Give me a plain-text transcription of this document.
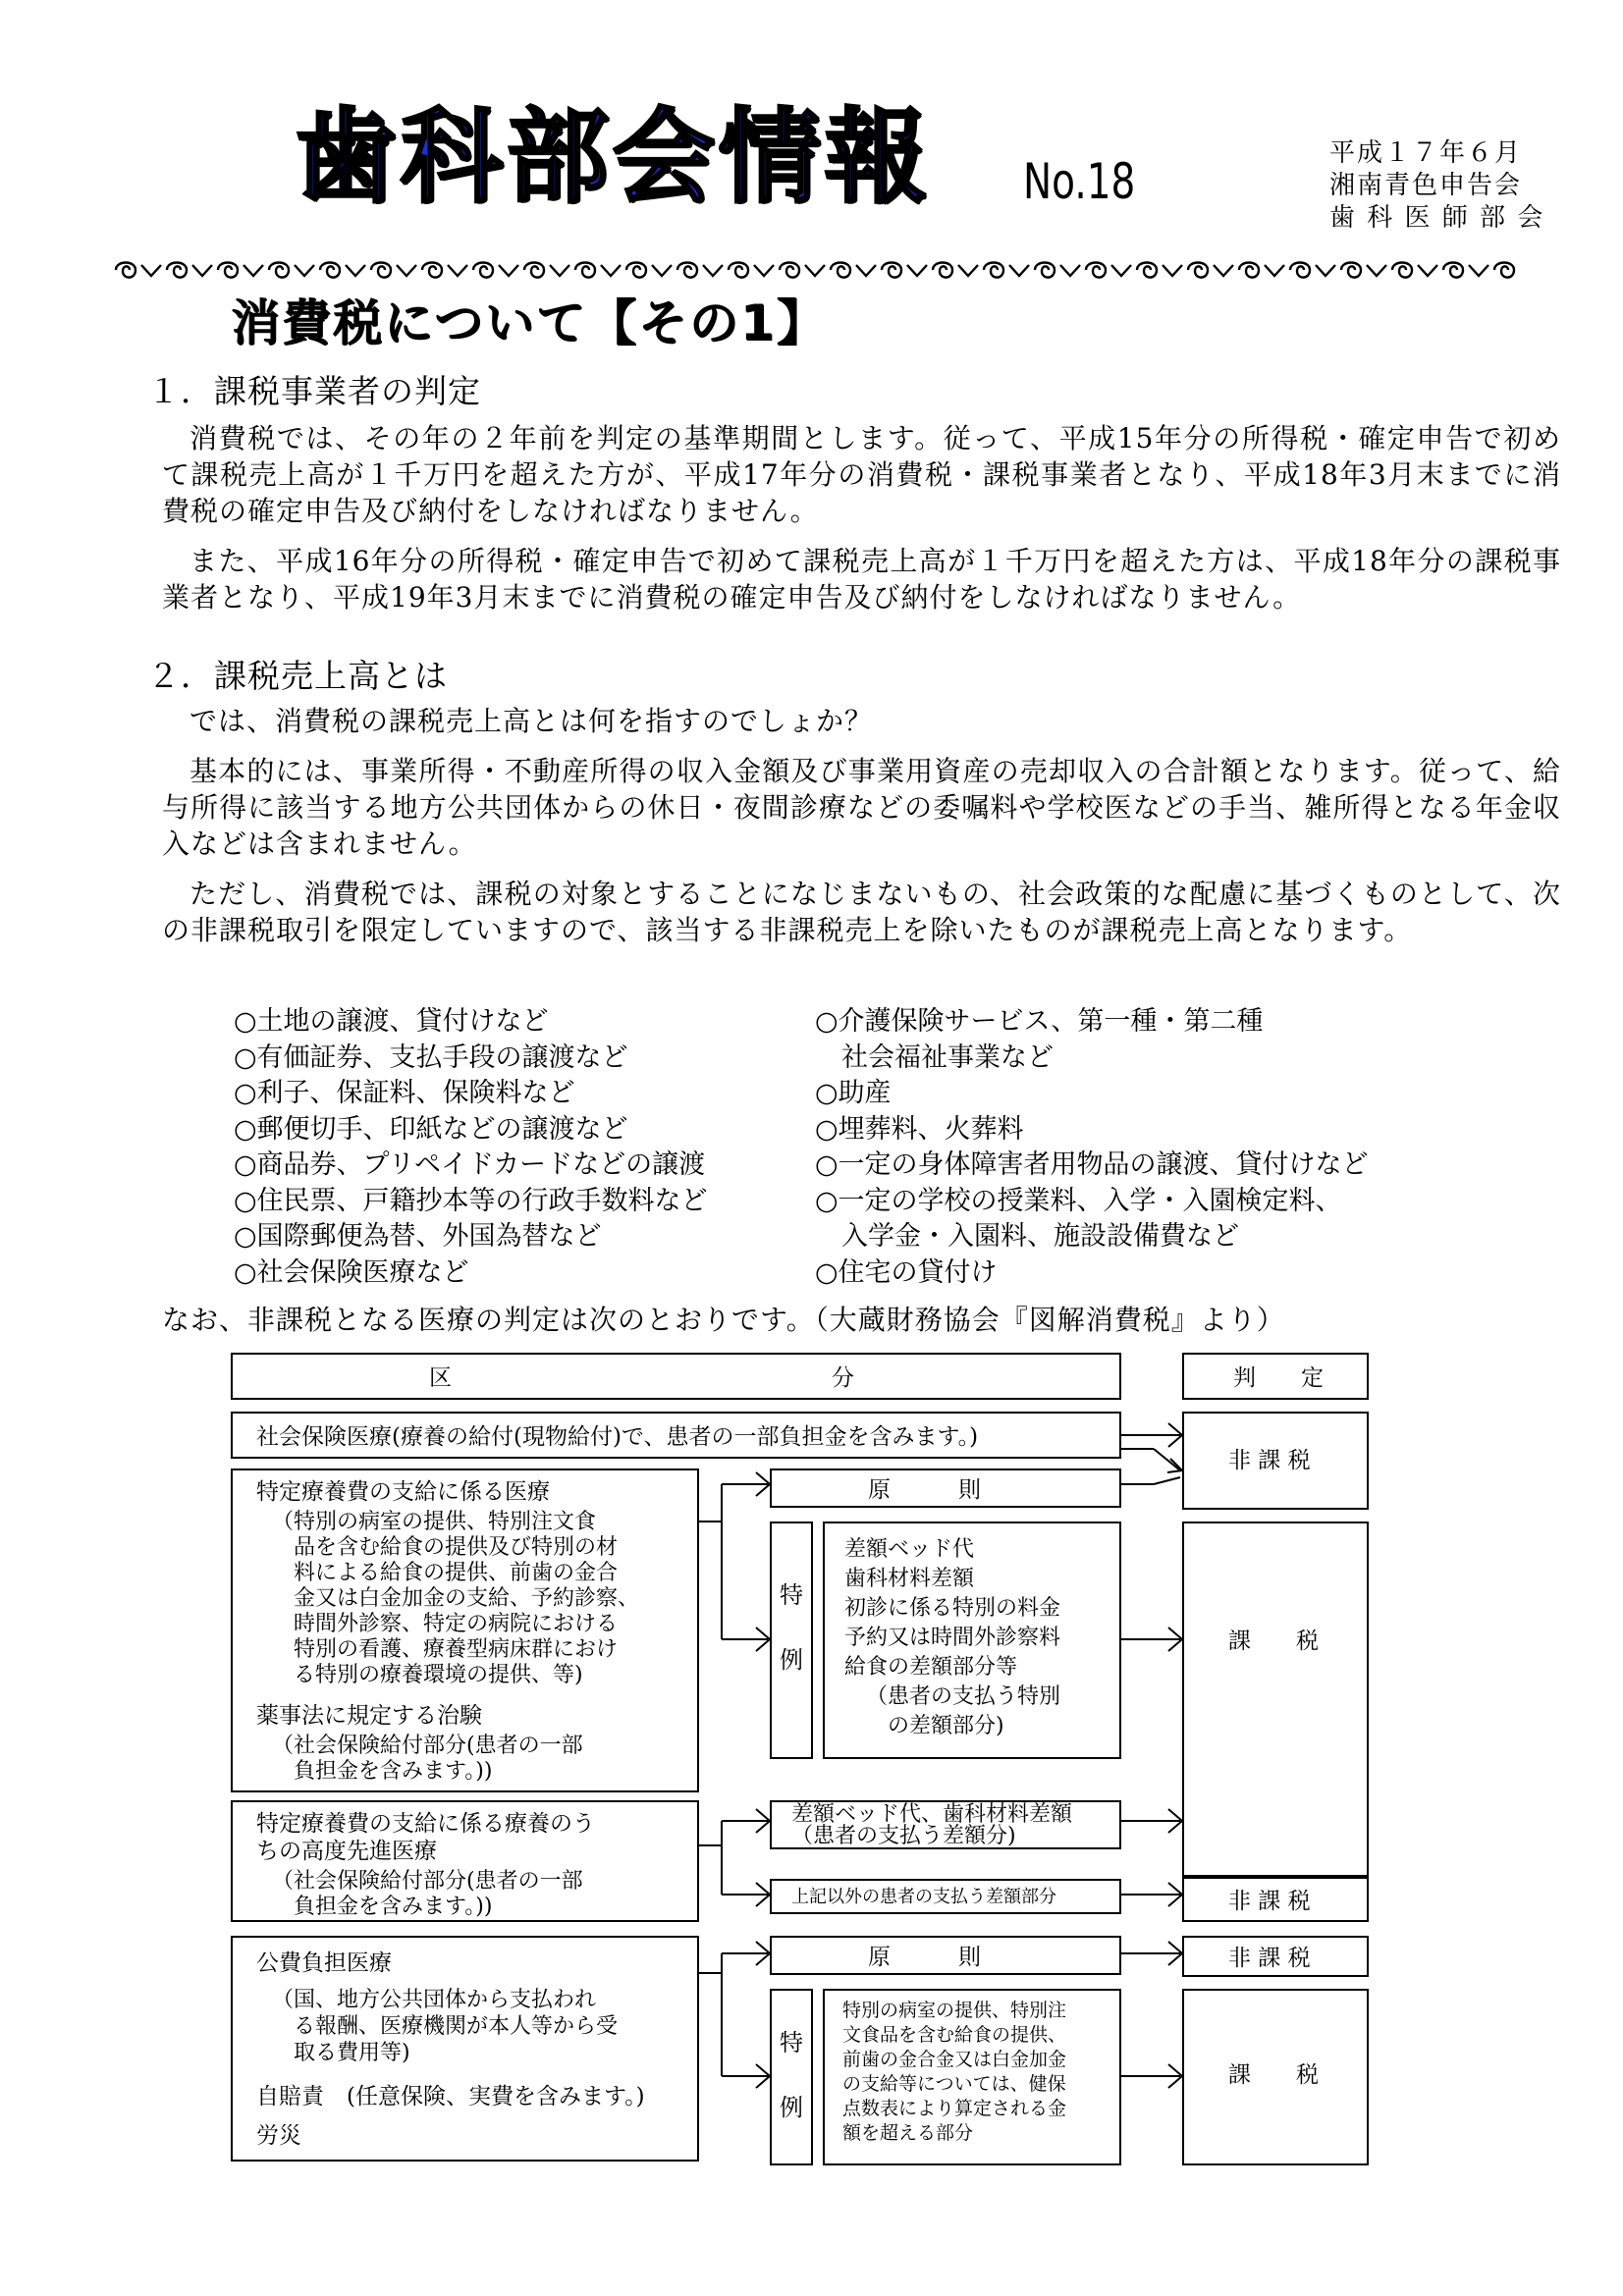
歯科部会情報 No.18	平成１７年６月
湘南青色申告会
歯 科 医 師 部 会
消費税について【その1】
１．課税事業者の判定

消費税では、その年の２年前を判定の基準期間とします。従って、平成15年分の所得税・確定申告で初めて課税売上高が１千万円を超えた方が、平成17年分の消費税・課税事業者となり、平成18年3月末までに消費税の確定申告及び納付をしなければなりません。

また、平成16年分の所得税・確定申告で初めて課税売上高が１千万円を超えた方は、平成18年分の課税事業者となり、平成19年3月末までに消費税の確定申告及び納付をしなければなりません。

２．課税売上高とは

では、消費税の課税売上高とは何を指すのでしょか？

基本的には、事業所得・不動産所得の収入金額及び事業用資産の売却収入の合計額となります。従って、給与所得に該当する地方公共団体からの休日・夜間診療などの委嘱料や学校医などの手当、雑所得となる年金収入などは含まれません。

ただし、消費税では、課税の対象とすることになじまないもの、社会政策的な配慮に基づくものとして、次の非課税取引を限定していますので、該当する非課税売上を除いたものが課税売上高となります。

○土地の譲渡、貸付けなど
○有価証券、支払手段の譲渡など
○利子、保証料、保険料など
○郵便切手、印紙などの譲渡など
○商品券、プリペイドカードなどの譲渡
○住民票、戸籍抄本等の行政手数料など
○国際郵便為替、外国為替など
○社会保険医療など
○介護保険サービス、第一種・第二種
　社会福祉事業など
○助産
○埋葬料、火葬料
○一定の身体障害者用物品の譲渡、貸付けなど
○一定の学校の授業料、入学・入園検定料、
　入学金・入園料、施設設備費など
○住宅の貸付け
なお、非課税となる医療の判定は次のとおりです。（大蔵財務協会『図解消費税』より）
区	分	判　　定
社会保険医療(療養の給付(現物給付)で、患者の一部負担金を含みます。)
特定療養費の支給に係る医療
（特別の病室の提供、特別注文食
品を含む給食の提供及び特別の材
料による給食の提供、前歯の金合
金又は白金加金の支給、予約診察、
時間外診察、特定の病院における
特別の看護、療養型病床群におけ
る特別の療養環境の提供、等)
薬事法に規定する治験
（社会保険給付部分(患者の一部
負担金を含みます。))
原　　　則
特
例
差額ベッド代
歯科材料差額
初診に係る特別の料金
予約又は時間外診察料
給食の差額部分等
（患者の支払う特別
　の差額部分)
非 課 税
課　　税
特定療養費の支給に係る療養のう
ちの高度先進医療
（社会保険給付部分(患者の一部
負担金を含みます。))
差額ベッド代、歯科材料差額
（患者の支払う差額分)
上記以外の患者の支払う差額部分	非 課 税
公費負担医療
（国、地方公共団体から支払われ
る報酬、医療機関が本人等から受
取る費用等)
自賠責　(任意保険、実費を含みます。)
労災
原　　　則
特
例
特別の病室の提供、特別注
文食品を含む給食の提供、
前歯の金合金又は白金加金
の支給等については、健保
点数表により算定される金
額を超える部分
非 課 税
課　　税
